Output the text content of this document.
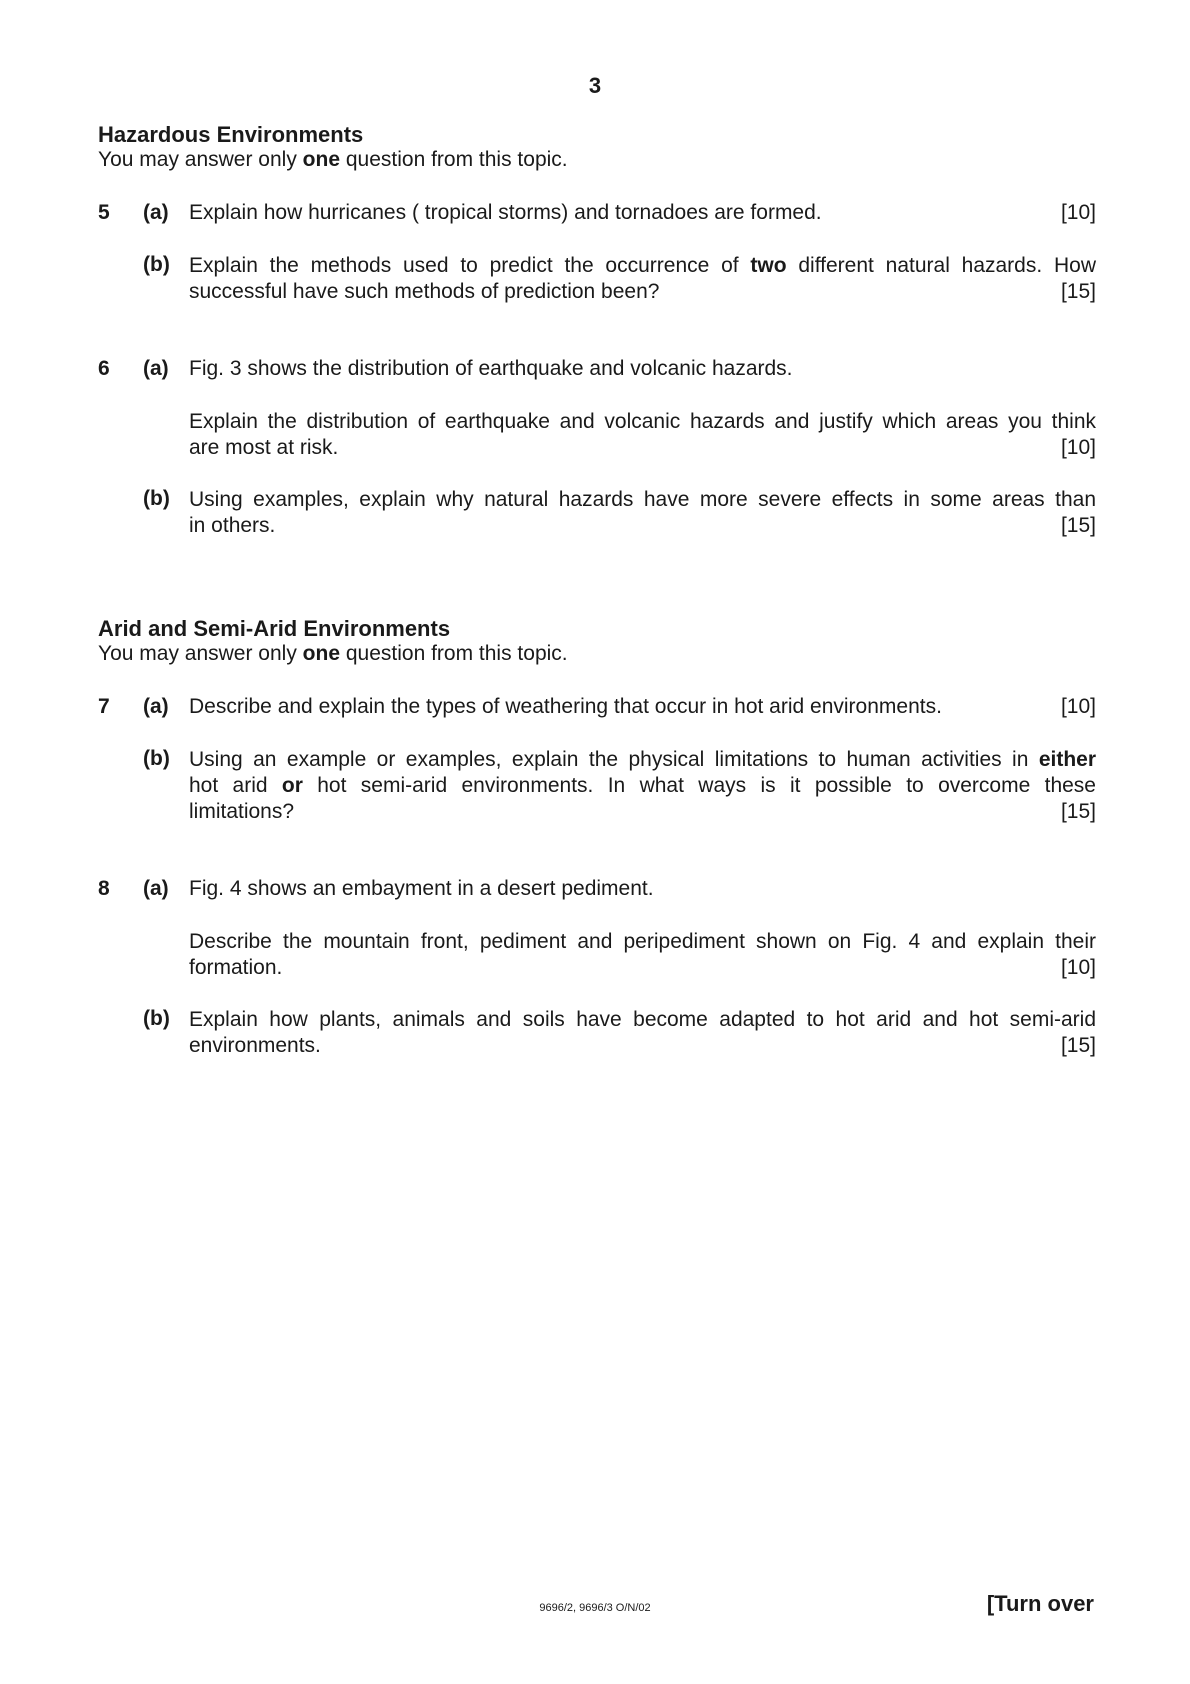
3
Hazardous Environments
You may answer only one question from this topic.
5 (a) Explain how hurricanes ( tropical storms) and tornadoes are formed.	[10]
(b) Explain the methods used to predict the occurrence of two different natural hazards. How
successful have such methods of prediction been?	[15]
6 (a) Fig. 3 shows the distribution of earthquake and volcanic hazards.
Explain the distribution of earthquake and volcanic hazards and justify which areas you think
are most at risk.	[10]
(b) Using examples, explain why natural hazards have more severe effects in some areas than
in others.	[15]
Arid and Semi-Arid Environments
You may answer only one question from this topic.
7 (a) Describe and explain the types of weathering that occur in hot arid environments.	[10]
(b) Using an example or examples, explain the physical limitations to human activities in either
hot arid or hot semi-arid environments. In what ways is it possible to overcome these
limitations?	[15]
8 (a) Fig. 4 shows an embayment in a desert pediment.
Describe the mountain front, pediment and peripediment shown on Fig. 4 and explain their
formation.	[10]
(b) Explain how plants, animals and soils have become adapted to hot arid and hot semi-arid
environments.	[15]
9696/2, 9696/3 O/N/02	[Turn over
